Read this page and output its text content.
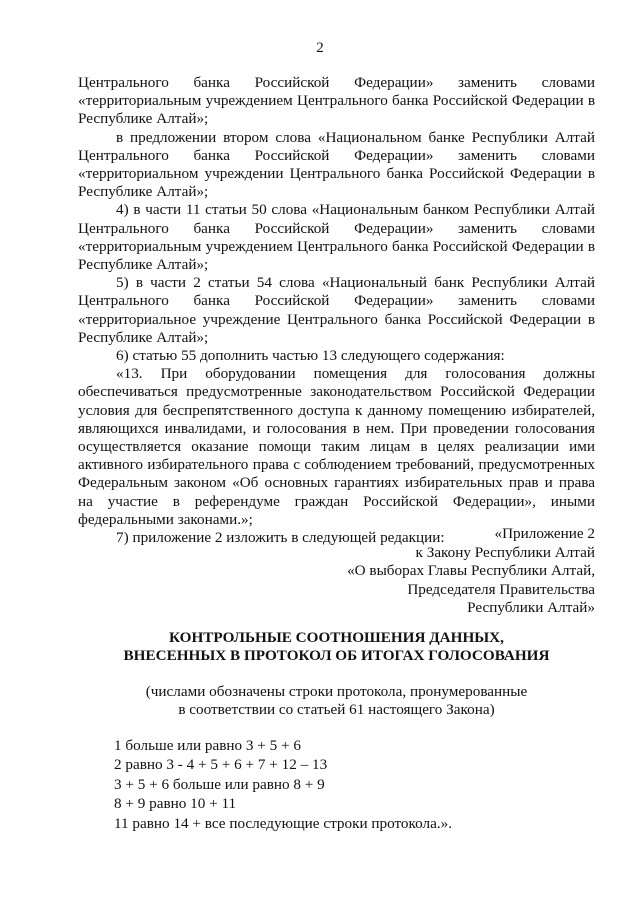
2

Центрального банка Российской Федерации» заменить словами «территориальным учреждением Центрального банка Российской Федерации в Республике Алтай»;

в предложении втором слова «Национальном банке Республики Алтай Центрального банка Российской Федерации» заменить словами «территориальном учреждении Центрального банка Российской Федерации в Республике Алтай»;

4) в части 11 статьи 50 слова «Национальным банком Республики Алтай Центрального банка Российской Федерации» заменить словами «территориальным учреждением Центрального банка Российской Федерации в Республике Алтай»;

5) в части 2 статьи 54 слова «Национальный банк Республики Алтай Центрального банка Российской Федерации» заменить словами «территориальное учреждение Центрального банка Российской Федерации в Республике Алтай»;

6) статью 55 дополнить частью 13 следующего содержания:

«13. При оборудовании помещения для голосования должны обеспечиваться предусмотренные законодательством Российской Федерации условия для беспрепятственного доступа к данному помещению избирателей, являющихся инвалидами, и голосования в нем. При проведении голосования осуществляется оказание помощи таким лицам в целях реализации ими активного избирательного права с соблюдением требований, предусмотренных Федеральным законом «Об основных гарантиях избирательных прав и права на участие в референдуме граждан Российской Федерации», иными федеральными законами.»;

7) приложение 2 изложить в следующей редакции:	«Приложение 2
к Закону Республики Алтай
«О выборах Главы Республики Алтай,
Председателя Правительства
Республики Алтай»
КОНТРОЛЬНЫЕ СООТНОШЕНИЯ ДАННЫХ,
ВНЕСЕННЫХ В ПРОТОКОЛ ОБ ИТОГАХ ГОЛОСОВАНИЯ
(числами обозначены строки протокола, пронумерованные
в соответствии со статьей 61 настоящего Закона)
1 больше или равно 3 + 5 + 6
2 равно 3 - 4 + 5 + 6 + 7 + 12 – 13
3 + 5 + 6 больше или равно 8 + 9
8 + 9 равно 10 + 11
11 равно 14 + все последующие строки протокола.».
